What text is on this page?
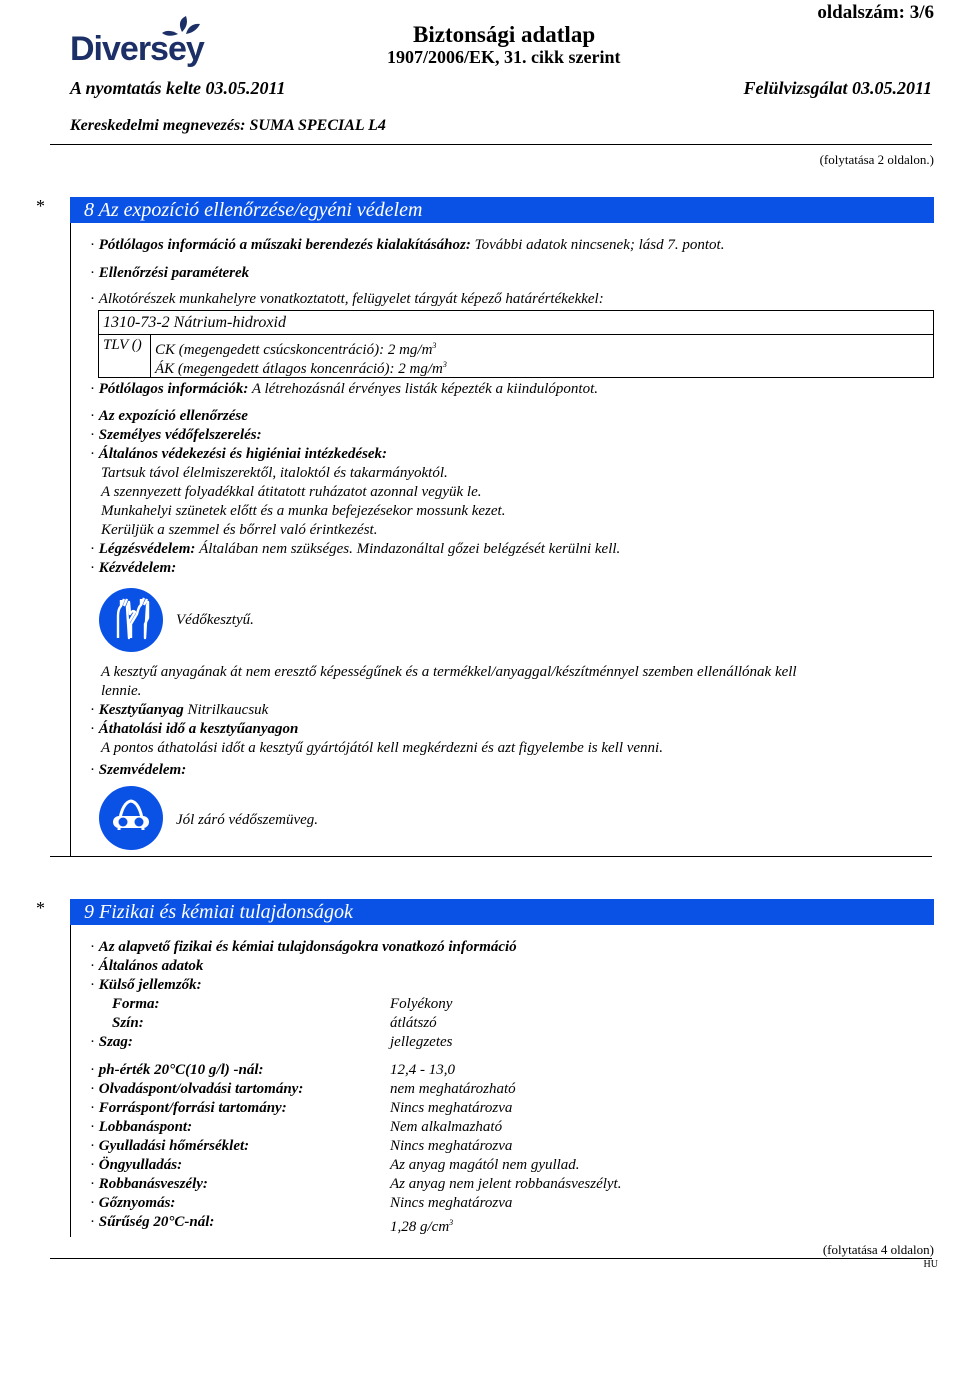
Diversey
oldalszám: 3/6
Biztonsági adatlap
1907/2006/EK, 31. cikk szerint
A nyomtatás kelte 03.05.2011	Felülvizsgálat 03.05.2011
Kereskedelmi megnevezés: SUMA SPECIAL L4
(folytatása 2 oldalon.)
*	8 Az expozíció ellenőrzése/egyéni védelem
· Pótlólagos információ a műszaki berendezés kialakításához: További adatok nincsenek; lásd 7. pontot.
· Ellenőrzési paraméterek
· Alkotórészek munkahelyre vonatkoztatott, felügyelet tárgyát képező határértékekkel:
1310-73-2 Nátrium-hidroxid
TLV () CK (megengedett csúcskoncentráció): 2 $mg/m^3$
ÁK (megengedett átlagos koncenráció): 2 $mg/m^3$
· Pótlólagos információk: A létrehozásnál érvényes listák képezték a kiindulópontot.
· Az expozíció ellenőrzése
· Személyes védőfelszerelés:
· Általános védekezési és higiéniai intézkedések:
Tartsuk távol élelmiszerektől, italoktól és takarmányoktól.
A szennyezett folyadékkal átitatott ruházatot azonnal vegyük le.
Munkahelyi szünetek előtt és a munka befejezésekor mossunk kezet.
Kerüljük a szemmel és bőrrel való érintkezést.
· Légzésvédelem: Általában nem szükséges. Mindazonáltal gőzei belégzését kerülni kell.
· Kézvédelem:
Védőkesztyű.
A kesztyű anyagának át nem eresztő képességűnek és a termékkel/anyaggal/készítménnyel szemben ellenállónak kell
lennie.
· Kesztyűanyag Nitrilkaucsuk
· Áthatolási idő a kesztyűanyagon
A pontos áthatolási időt a kesztyű gyártójától kell megkérdezni és azt figyelembe is kell venni.
· Szemvédelem:
Jól záró védőszemüveg.
*	9 Fizikai és kémiai tulajdonságok
· Az alapvető fizikai és kémiai tulajdonságokra vonatkozó információ
· Általános adatok
· Külső jellemzők:
Forma:	Folyékony
Szín:	átlátszó
· Szag:	jellegzetes
· ph-érték 20°C(10 g/l) -nál:	12,4 - 13,0
· Olvadáspont/olvadási tartomány:	nem meghatározható
· Forráspont/forrási tartomány:	Nincs meghatározva
· Lobbanáspont:	Nem alkalmazható
· Gyulladási hőmérséklet:	Nincs meghatározva
· Öngyulladás:	Az anyag magától nem gyullad.
· Robbanásveszély:	Az anyag nem jelent robbanásveszélyt.
· Gőznyomás:	Nincs meghatározva
· Sűrűség 20°C-nál:	1,28 $g/cm^3$
(folytatása 4 oldalon)
HU
